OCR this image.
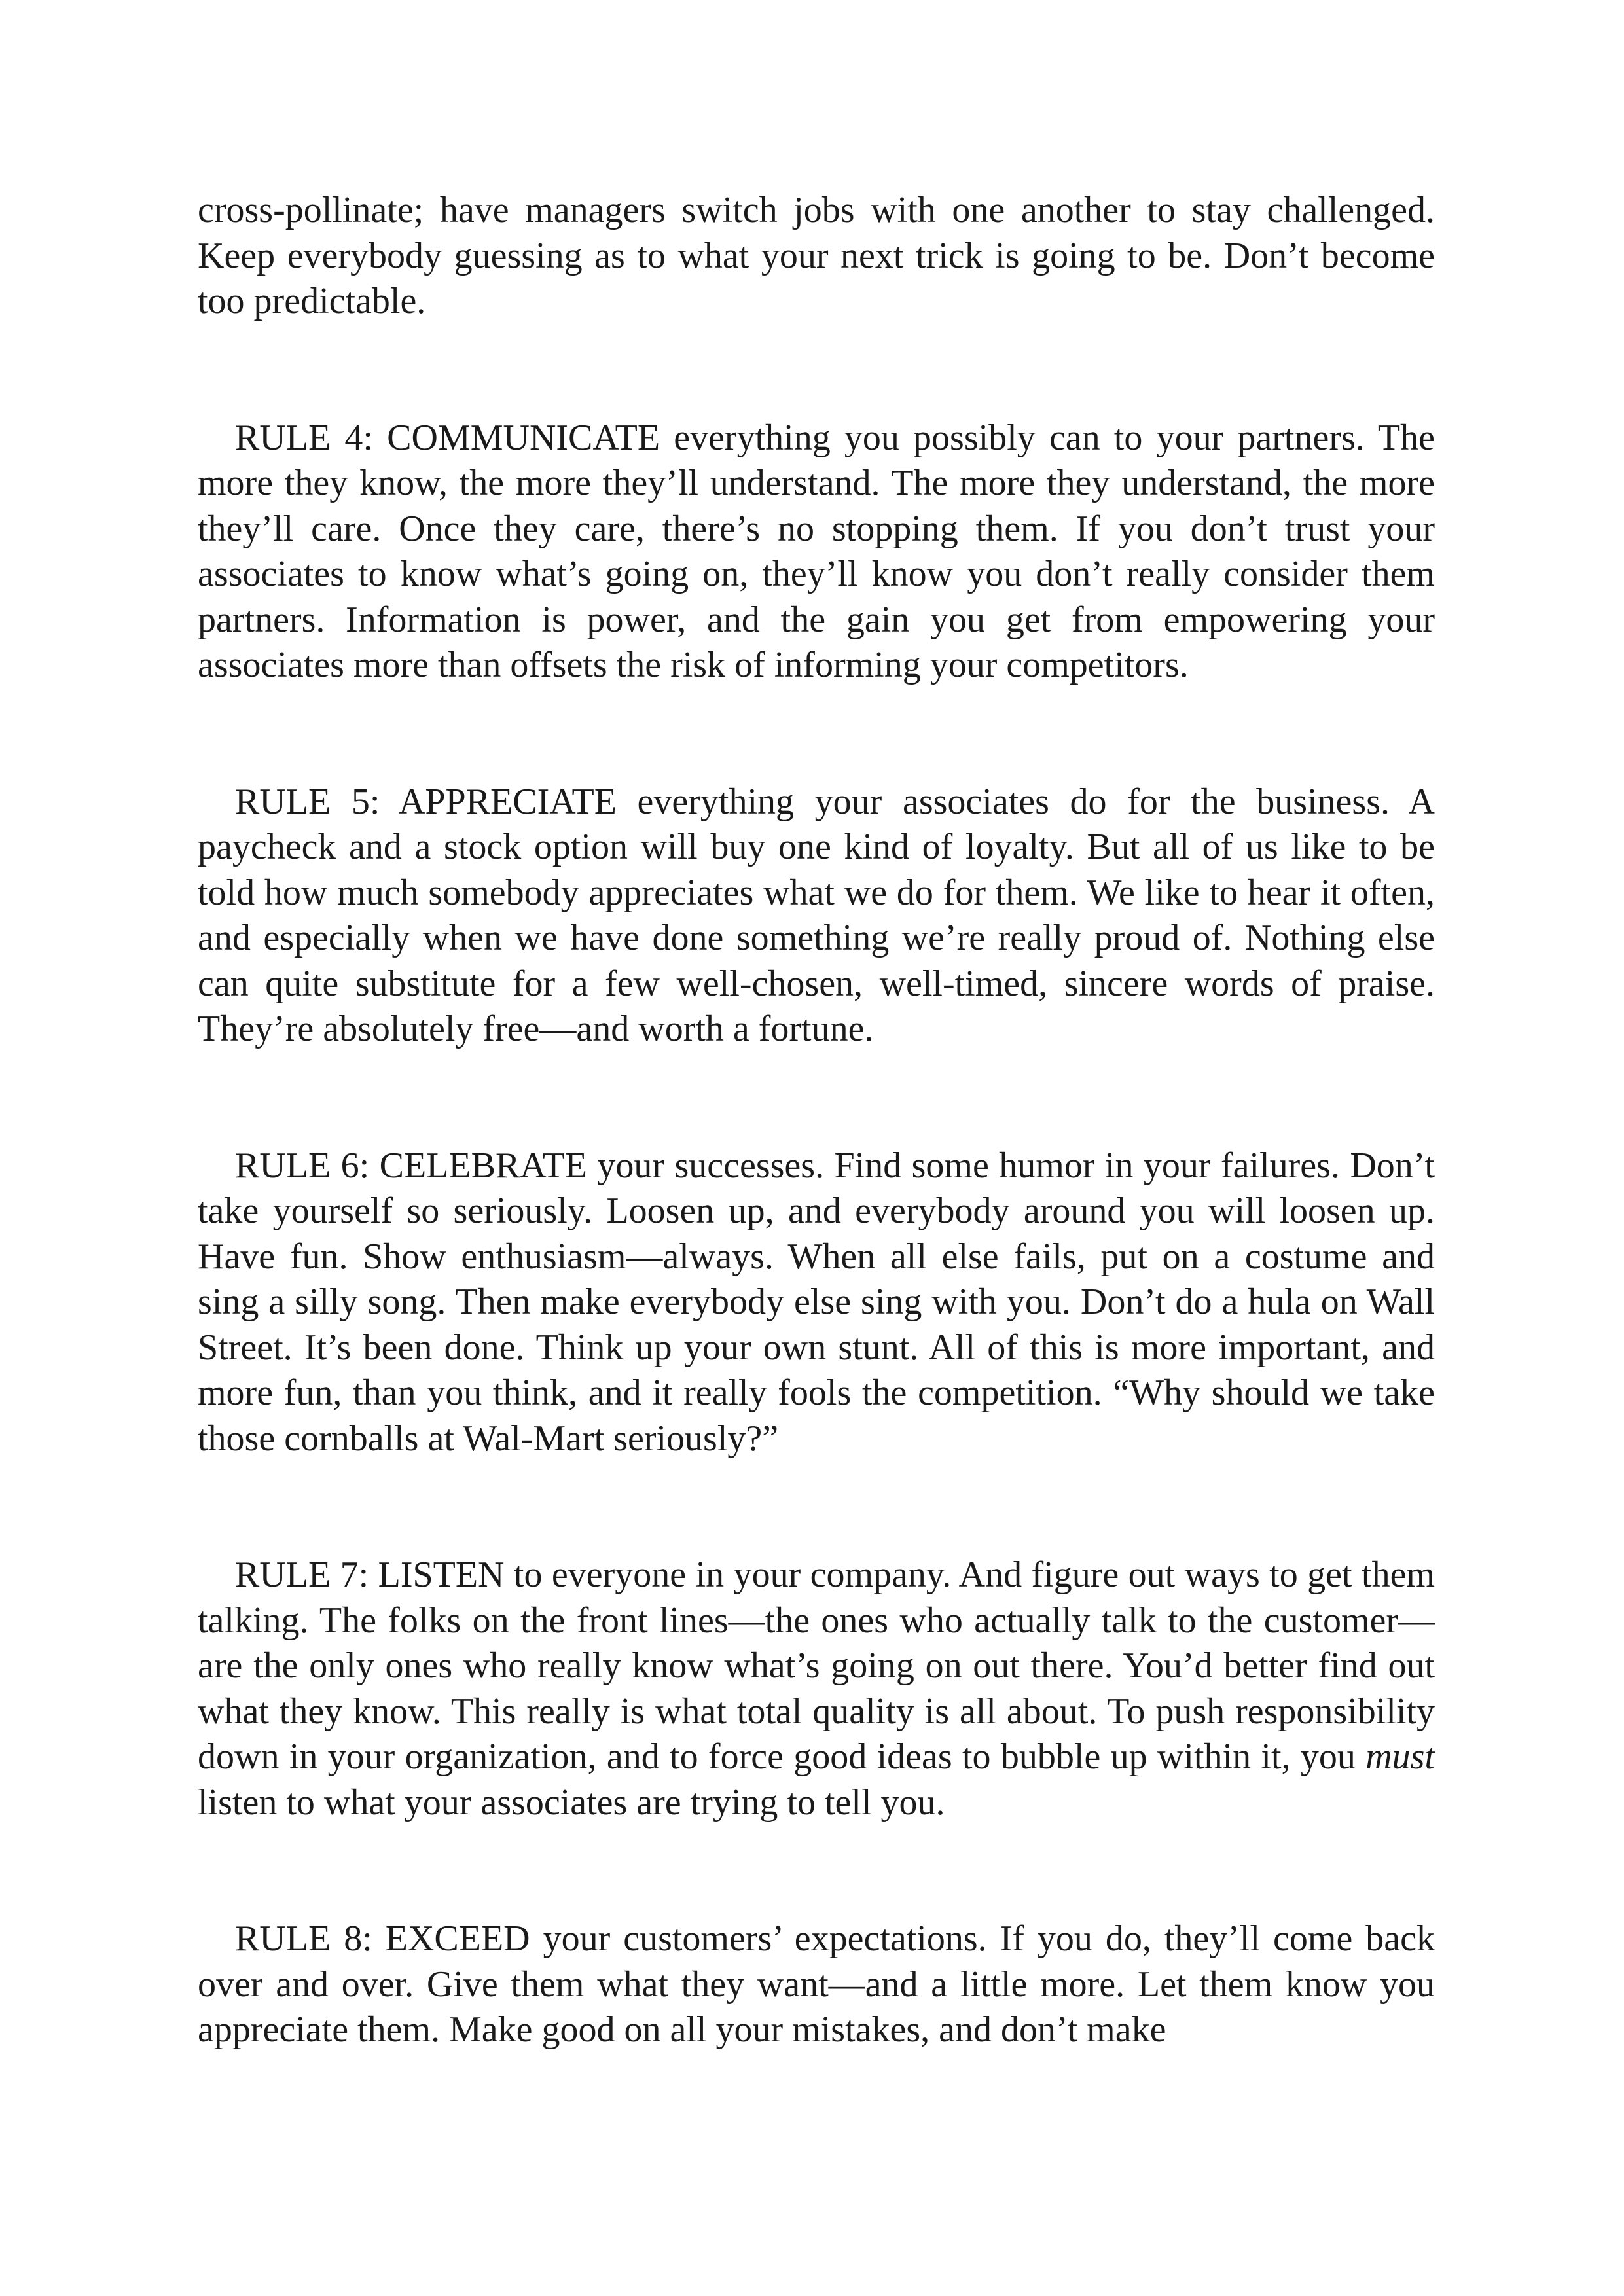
cross-pollinate; have managers switch jobs with one another to stay challenged. Keep everybody guessing as to what your next trick is going to be. Don’t become too predictable.

RULE 4: COMMUNICATE everything you possibly can to your partners. The more they know, the more they’ll understand. The more they understand, the more they’ll care. Once they care, there’s no stopping them. If you don’t trust your associates to know what’s going on, they’ll know you don’t really consider them partners. Information is power, and the gain you get from empowering your associates more than offsets the risk of informing your competitors.

RULE 5: APPRECIATE everything your associates do for the business. A paycheck and a stock option will buy one kind of loyalty. But all of us like to be told how much somebody appreciates what we do for them. We like to hear it often, and especially when we have done something we’re really proud of. Nothing else can quite substitute for a few well-chosen, well-timed, sincere words of praise. They’re absolutely free—and worth a fortune.

RULE 6: CELEBRATE your successes. Find some humor in your failures. Don’t take yourself so seriously. Loosen up, and everybody around you will loosen up. Have fun. Show enthusiasm—always. When all else fails, put on a costume and sing a silly song. Then make everybody else sing with you. Don’t do a hula on Wall Street. It’s been done. Think up your own stunt. All of this is more important, and more fun, than you think, and it really fools the competition. “Why should we take those cornballs at Wal-Mart seriously?”

RULE 7: LISTEN to everyone in your company. And figure out ways to get them talking. The folks on the front lines—the ones who actually talk to the customer—are the only ones who really know what’s going on out there. You’d better find out what they know. This really is what total quality is all about. To push responsibility down in your organization, and to force good ideas to bubble up within it, you must listen to what your associates are trying to tell you.

RULE 8: EXCEED your customers’ expectations. If you do, they’ll come back over and over. Give them what they want—and a little more. Let them know you appreciate them. Make good on all your mistakes, and don’t make
